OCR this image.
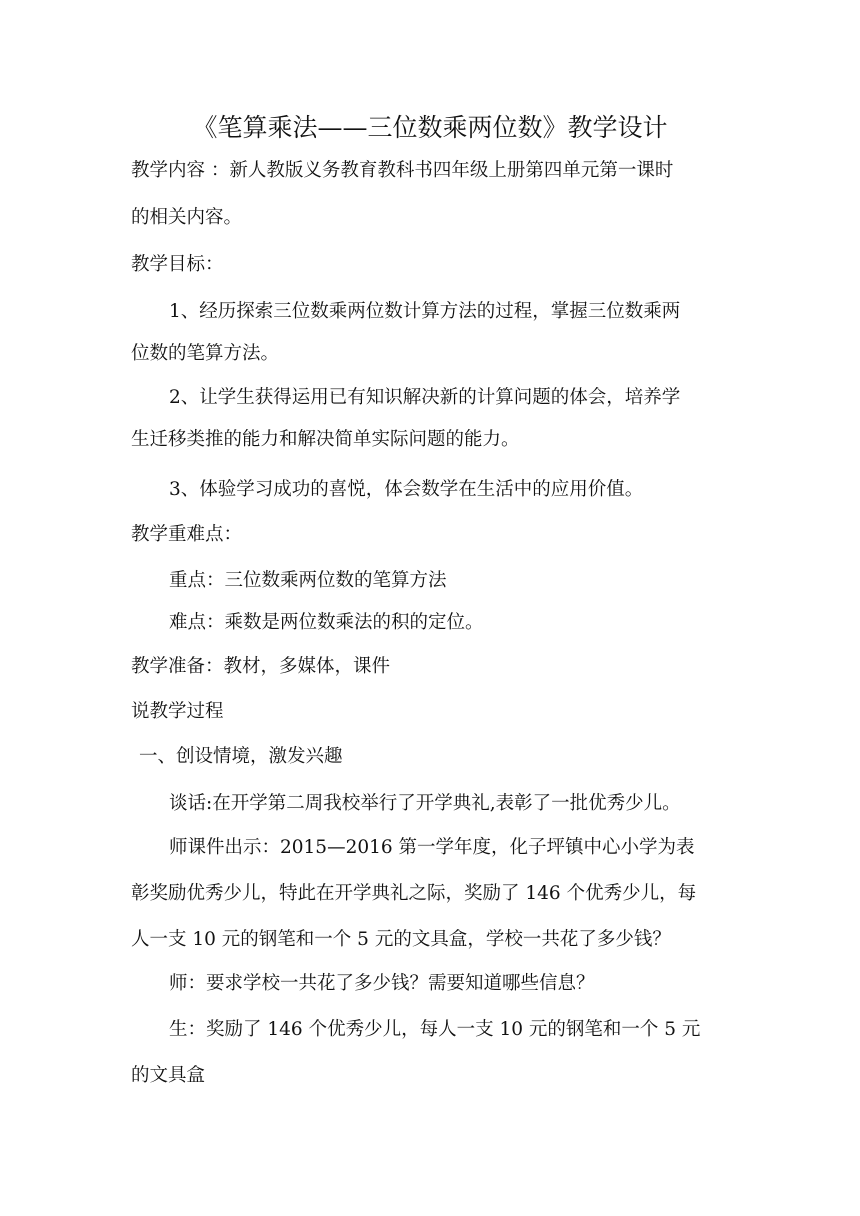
《笔算乘法——三位数乘两位数》教学设计
教学内容 ：新人教版义务教育教科书四年级上册第四单元第一课时
的相关内容。
教学目标：
1、经历探索三位数乘两位数计算方法的过程，掌握三位数乘两
位数的笔算方法。
2、让学生获得运用已有知识解决新的计算问题的体会，培养学
生迁移类推的能力和解决简单实际问题的能力。
3、体验学习成功的喜悦，体会数学在生活中的应用价值。
教学重难点：
重点：三位数乘两位数的笔算方法
难点：乘数是两位数乘法的积的定位。
教学准备：教材，多媒体，课件
说教学过程
一、创设情境，激发兴趣
谈话:在开学第二周我校举行了开学典礼,表彰了一批优秀少儿。
师课件出示：2015—2016 第一学年度，化子坪镇中心小学为表
彰奖励优秀少儿，特此在开学典礼之际，奖励了 146 个优秀少儿，每
人一支 10 元的钢笔和一个 5 元的文具盒，学校一共花了多少钱？
师：要求学校一共花了多少钱？需要知道哪些信息？
生：奖励了 146 个优秀少儿，每人一支 10 元的钢笔和一个 5 元
的文具盒
